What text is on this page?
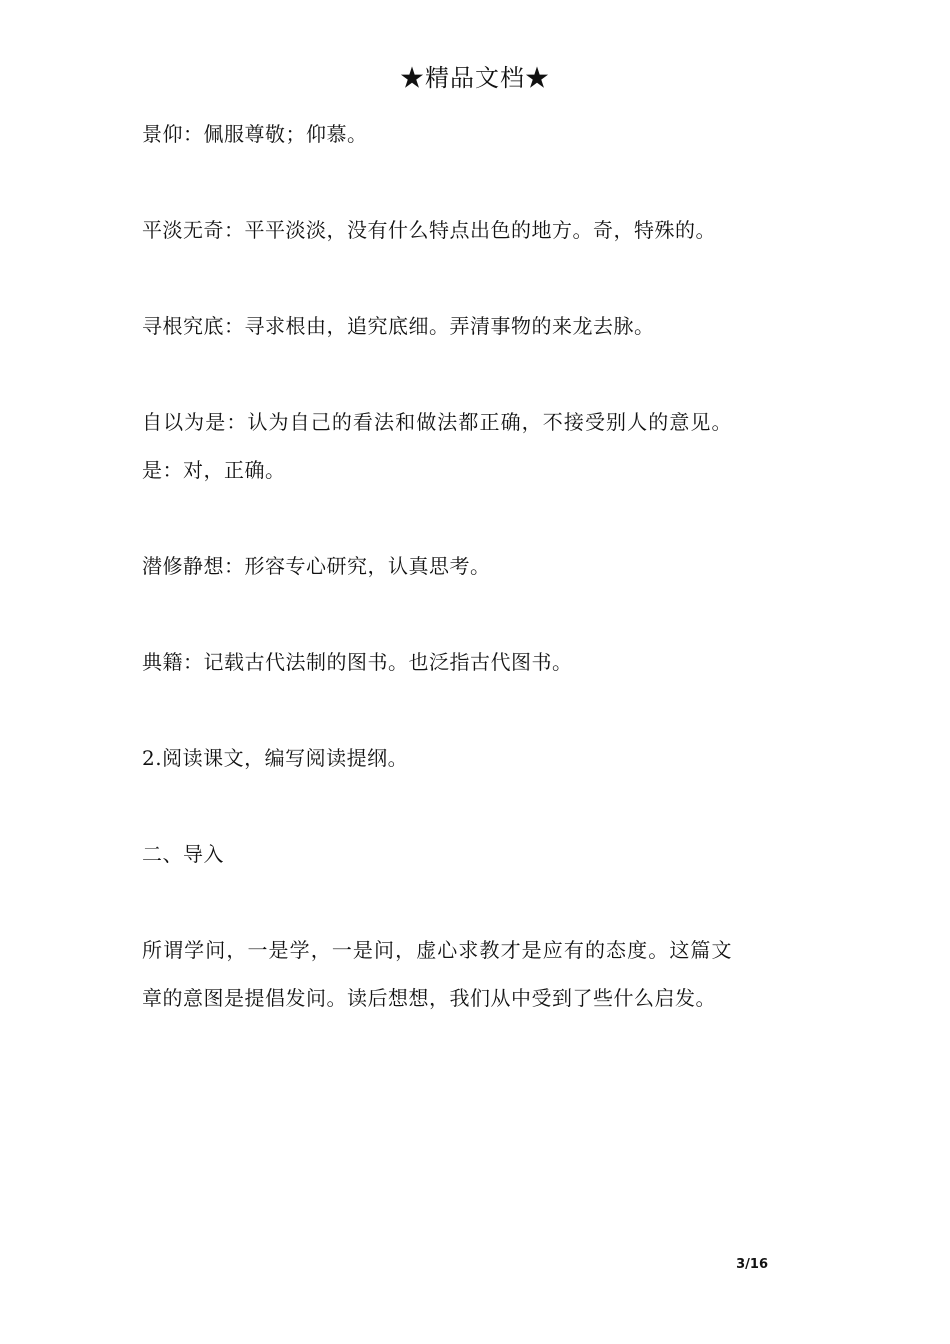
★精品文档★

景仰：佩服尊敬；仰慕。

平淡无奇：平平淡淡，没有什么特点出色的地方。奇，特殊的。

寻根究底：寻求根由，追究底细。弄清事物的来龙去脉。

自以为是：认为自己的看法和做法都正确，不接受别人的意见。是：对，正确。

潜修静想：形容专心研究，认真思考。

典籍：记载古代法制的图书。也泛指古代图书。

2.阅读课文，编写阅读提纲。

二、导入

所谓学问，一是学，一是问，虚心求教才是应有的态度。这篇文章的意图是提倡发问。读后想想，我们从中受到了些什么启发。

3/16
